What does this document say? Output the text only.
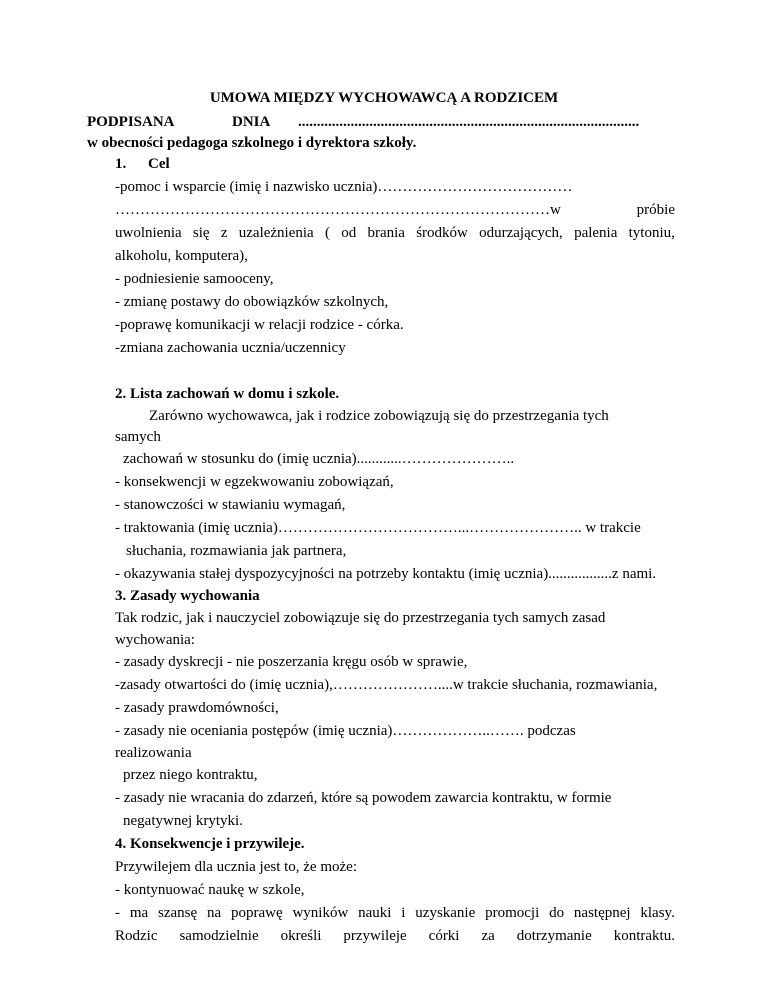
UMOWA MIĘDZY WYCHOWAWCĄ A RODZICEM
PODPISANA	DNIA ...........................................................................................
w obecności pedagoga szkolnego i dyrektora szkoły.
1. Cel
-pomoc i wsparcie (imię i nazwisko ucznia)…………………………………
……………………………………………………………………………w	próbie
uwolnienia się z uzależnienia ( od brania środków odurzających, palenia tytoniu,
alkoholu, komputera),
- podniesienie samooceny,
- zmianę postawy do obowiązków szkolnych,
-poprawę komunikacji w relacji rodzice - córka.
-zmiana zachowania ucznia/uczennicy
2. Lista zachowań w domu i szkole.
Zarówno wychowawca, jak i rodzice zobowiązują się do przestrzegania tych
samych
zachowań w stosunku do (imię ucznia)............…………………..
- konsekwencji w egzekwowaniu zobowiązań,
- stanowczości w stawianiu wymagań,
- traktowania (imię ucznia)………………………………...………………….. w trakcie
słuchania, rozmawiania jak partnera,
- okazywania stałej dyspozycyjności na potrzeby kontaktu (imię ucznia).................z nami.
3. Zasady wychowania
Tak rodzic, jak i nauczyciel zobowiązuje się do przestrzegania tych samych zasad
wychowania:
- zasady dyskrecji - nie poszerzania kręgu osób w sprawie,
-zasady otwartości do (imię ucznia),…………………....w trakcie słuchania, rozmawiania,
- zasady prawdomówności,
- zasady nie oceniania postępów (imię ucznia)………………..……. podczas
realizowania
przez niego kontraktu,
- zasady nie wracania do zdarzeń, które są powodem zawarcia kontraktu, w formie
negatywnej krytyki.
4. Konsekwencje i przywileje.
Przywilejem dla ucznia jest to, że może:
- kontynuować naukę w szkole,
- ma szansę na poprawę wyników nauki i uzyskanie promocji do następnej klasy.
Rodzic samodzielnie określi przywileje córki za dotrzymanie kontraktu.
